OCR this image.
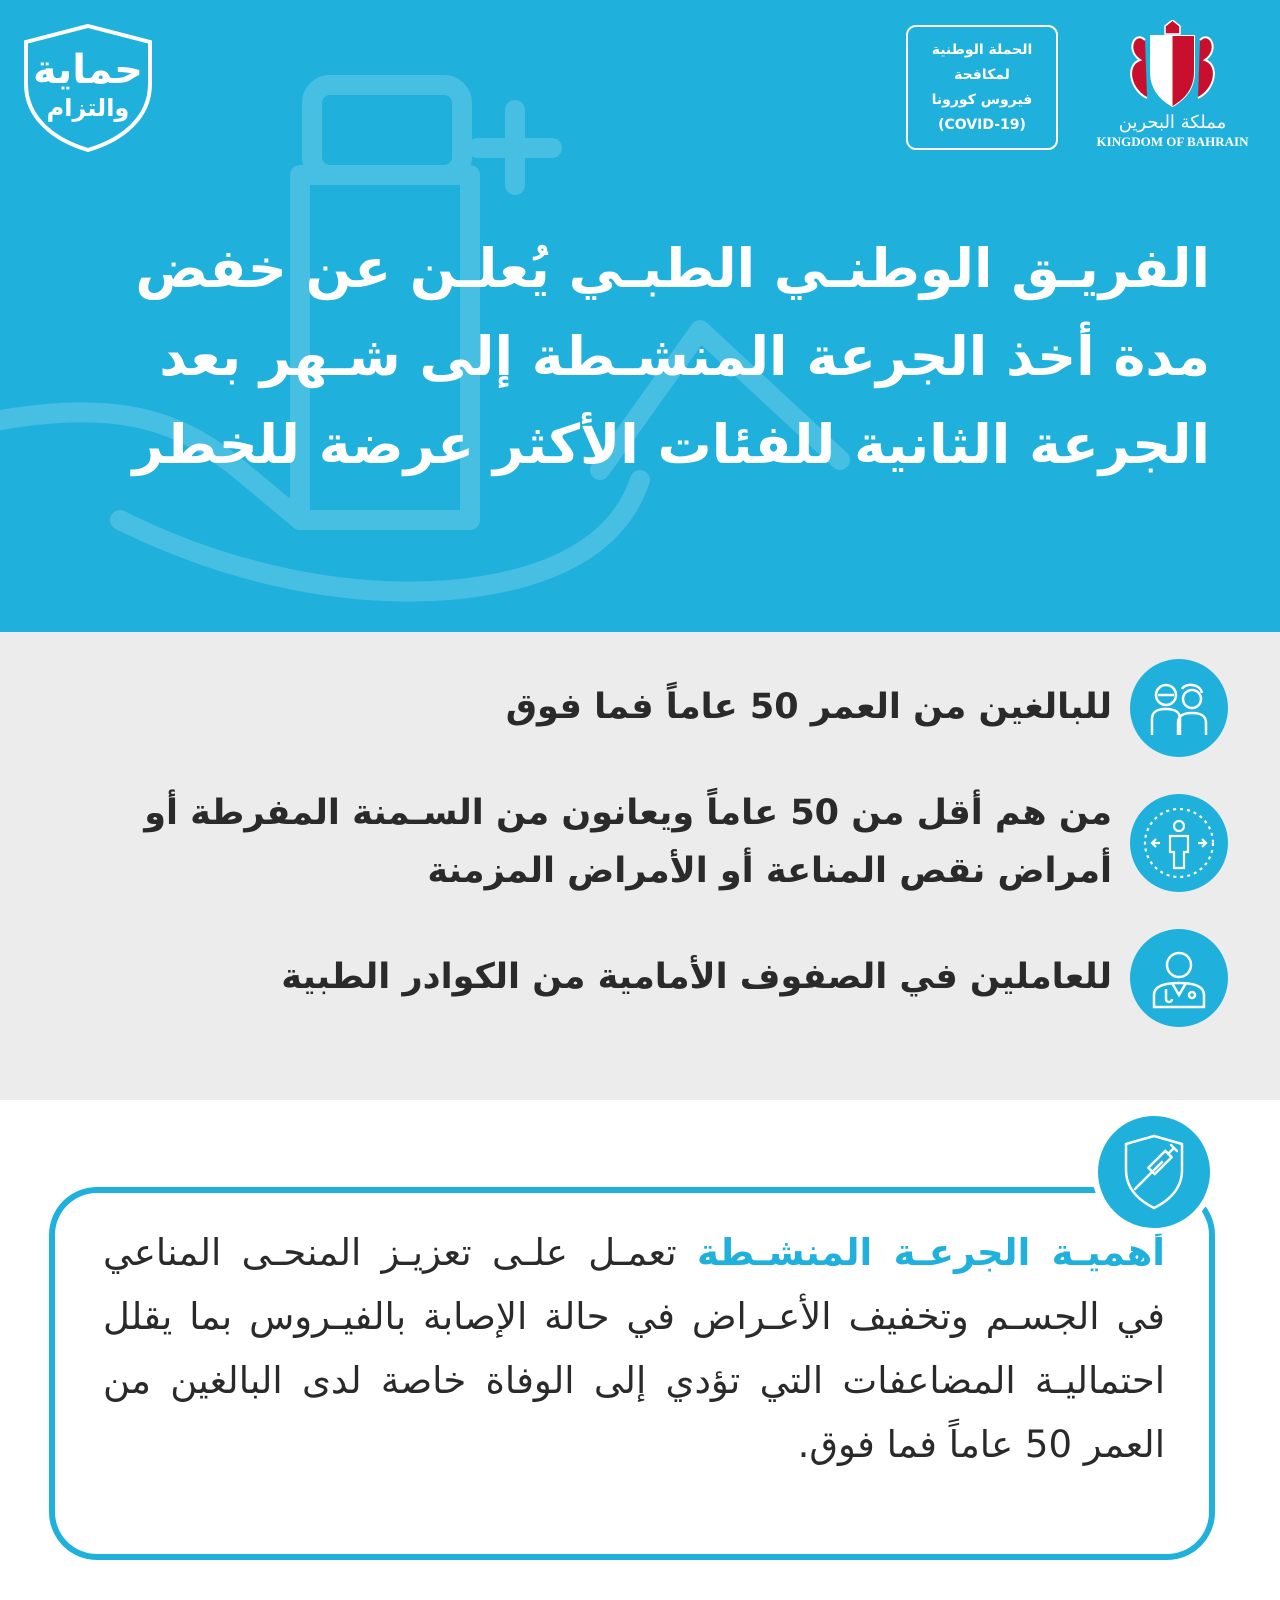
حماية
والتزام
الحملة الوطنية
لمكافحة
فيروس كورونا
(COVID-19)	مملكة البحرين
KINGDOM OF BAHRAIN
الفريـق الوطنـي الطبـي يُعلـن عن خفض
مدة أخذ الجرعة المنشـطة إلى شـهر بعد
الجرعة الثانية للفئات الأكثر عرضة للخطر
للبالغين من العمر 50 عاماً فما فوق
من هم أقل من 50 عاماً ويعانون من السـمنة المفرطة أو أمراض نقص المناعة أو الأمراض المزمنة
للعاملين في الصفوف الأمامية من الكوادر الطبية
أهميـة الجرعـة المنشـطة تعمـل علـى تعزيـز المنحـى المناعي في الجسـم وتخفيف الأعـراض في حالة الإصابة بالفيـروس بما يقلل احتماليـة المضاعفات التي تؤدي إلى الوفاة خاصة لدى البالغين من العمر 50 عاماً فما فوق.
